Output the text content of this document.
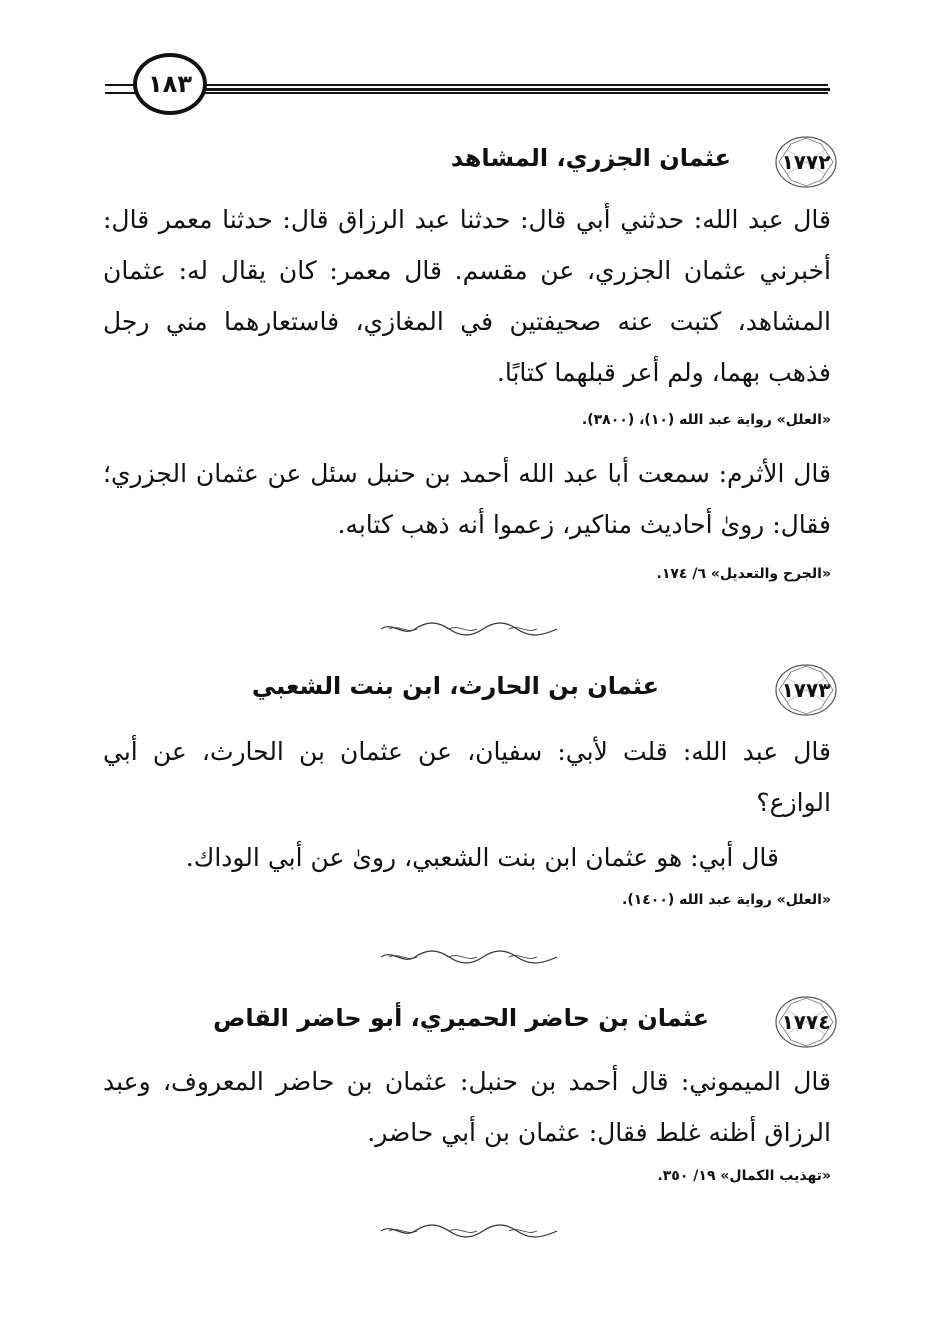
١٨٣
١٧٧٢
عثمان الجزري، المشاهد
قال عبد الله: حدثني أبي قال: حدثنا عبد الرزاق قال: حدثنا معمر قال: أخبرني عثمان الجزري، عن مقسم. قال معمر: كان يقال له: عثمان المشاهد، كتبت عنه صحيفتين في المغازي، فاستعارهما مني رجل فذهب بهما، ولم أعر قبلهما كتابًا.
«العلل» رواية عبد الله (١٠)، (٣٨٠٠).
قال الأثرم: سمعت أبا عبد الله أحمد بن حنبل سئل عن عثمان الجزري؛ فقال: روىٰ أحاديث مناكير، زعموا أنه ذهب كتابه.
«الجرح والتعديل» ٦/ ١٧٤.
١٧٧٣
عثمان بن الحارث، ابن بنت الشعبي
قال عبد الله: قلت لأبي: سفيان، عن عثمان بن الحارث، عن أبي الوازع؟
قال أبي: هو عثمان ابن بنت الشعبي، روىٰ عن أبي الوداك.
«العلل» رواية عبد الله (١٤٠٠).
١٧٧٤
عثمان بن حاضر الحميري، أبو حاضر القاص
قال الميموني: قال أحمد بن حنبل: عثمان بن حاضر المعروف، وعبد الرزاق أظنه غلط فقال: عثمان بن أبي حاضر.
«تهذيب الكمال» ١٩/ ٣٥٠.
